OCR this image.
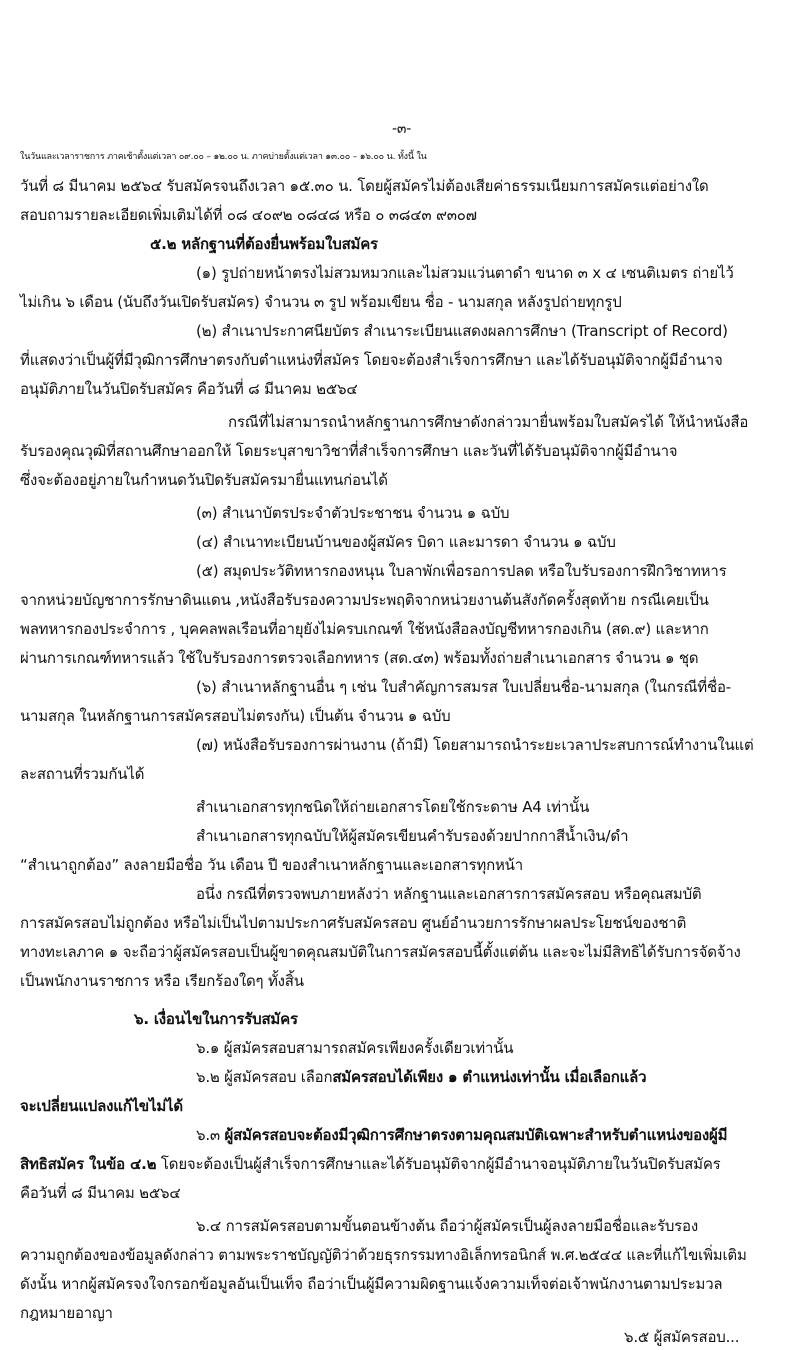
-๓-
ในวันและเวลาราชการ ภาคเช้าตั้งแต่เวลา ๐๙.๐๐ – ๑๒.๐๐ น. ภาคบ่ายตั้งแต่เวลา ๑๓.๐๐ – ๑๖.๐๐ น. ทั้งนี้ ใน
วันที่ ๘ มีนาคม ๒๕๖๔ รับสมัครจนถึงเวลา ๑๕.๓๐ น. โดยผู้สมัครไม่ต้องเสียค่าธรรมเนียมการสมัครแต่อย่างใด
สอบถามรายละเอียดเพิ่มเติมได้ที่ ๐๘ ๔๐๙๒ ๐๘๔๘ หรือ ๐ ๓๘๔๓ ๙๓๐๗
๕.๒ หลักฐานที่ต้องยื่นพร้อมใบสมัคร
(๑) รูปถ่ายหน้าตรงไม่สวมหมวกและไม่สวมแว่นตาดำ ขนาด ๓ x ๔ เซนติเมตร ถ่ายไว้
ไม่เกิน ๖ เดือน (นับถึงวันเปิดรับสมัคร) จำนวน ๓ รูป พร้อมเขียน ชื่อ - นามสกุล หลังรูปถ่ายทุกรูป
(๒) สำเนาประกาศนียบัตร สำเนาระเบียนแสดงผลการศึกษา (Transcript of Record)
ที่แสดงว่าเป็นผู้ที่มีวุฒิการศึกษาตรงกับตำแหน่งที่สมัคร โดยจะต้องสำเร็จการศึกษา และได้รับอนุมัติจากผู้มีอำนาจ
อนุมัติภายในวันปิดรับสมัคร คือวันที่ ๘ มีนาคม ๒๕๖๔
กรณีที่ไม่สามารถนำหลักฐานการศึกษาดังกล่าวมายื่นพร้อมใบสมัครได้ ให้นำหนังสือ
รับรองคุณวุฒิที่สถานศึกษาออกให้ โดยระบุสาขาวิชาที่สำเร็จการศึกษา และวันที่ได้รับอนุมัติจากผู้มีอำนาจ
ซึ่งจะต้องอยู่ภายในกำหนดวันปิดรับสมัครมายื่นแทนก่อนได้
(๓) สำเนาบัตรประจำตัวประชาชน จำนวน ๑ ฉบับ
(๔) สำเนาทะเบียนบ้านของผู้สมัคร บิดา และมารดา จำนวน ๑ ฉบับ
(๕) สมุดประวัติทหารกองหนุน ใบลาพักเพื่อรอการปลด หรือใบรับรองการฝึกวิชาทหาร
จากหน่วยบัญชาการรักษาดินแดน ,หนังสือรับรองความประพฤติจากหน่วยงานต้นสังกัดครั้งสุดท้าย กรณีเคยเป็น
พลทหารกองประจำการ , บุคคลพลเรือนที่อายุยังไม่ครบเกณฑ์ ใช้หนังสือลงบัญชีทหารกองเกิน (สด.๙) และหาก
ผ่านการเกณฑ์ทหารแล้ว ใช้ใบรับรองการตรวจเลือกทหาร (สด.๔๓) พร้อมทั้งถ่ายสำเนาเอกสาร จำนวน ๑ ชุด
(๖) สำเนาหลักฐานอื่น ๆ เช่น ใบสำคัญการสมรส ใบเปลี่ยนชื่อ-นามสกุล (ในกรณีที่ชื่อ-
นามสกุล ในหลักฐานการสมัครสอบไม่ตรงกัน) เป็นต้น จำนวน ๑ ฉบับ
(๗) หนังสือรับรองการผ่านงาน (ถ้ามี) โดยสามารถนำระยะเวลาประสบการณ์ทำงานในแต่
ละสถานที่รวมกันได้
สำเนาเอกสารทุกชนิดให้ถ่ายเอกสารโดยใช้กระดาษ A4 เท่านั้น
สำเนาเอกสารทุกฉบับให้ผู้สมัครเขียนคำรับรองด้วยปากกาสีน้ำเงิน/ดำ
“สำเนาถูกต้อง” ลงลายมือชื่อ วัน เดือน ปี ของสำเนาหลักฐานและเอกสารทุกหน้า
อนึ่ง กรณีที่ตรวจพบภายหลังว่า หลักฐานและเอกสารการสมัครสอบ หรือคุณสมบัติ
การสมัครสอบไม่ถูกต้อง หรือไม่เป็นไปตามประกาศรับสมัครสอบ ศูนย์อำนวยการรักษาผลประโยชน์ของชาติ
ทางทะเลภาค ๑ จะถือว่าผู้สมัครสอบเป็นผู้ขาดคุณสมบัติในการสมัครสอบนี้ตั้งแต่ต้น และจะไม่มีสิทธิได้รับการจัดจ้าง
เป็นพนักงานราชการ หรือ เรียกร้องใดๆ ทั้งสิ้น
๖. เงื่อนไขในการรับสมัคร
๖.๑ ผู้สมัครสอบสามารถสมัครเพียงครั้งเดียวเท่านั้น
๖.๒ ผู้สมัครสอบ เลือกสมัครสอบได้เพียง ๑ ตำแหน่งเท่านั้น เมื่อเลือกแล้ว
จะเปลี่ยนแปลงแก้ไขไม่ได้
๖.๓ ผู้สมัครสอบจะต้องมีวุฒิการศึกษาตรงตามคุณสมบัติเฉพาะสำหรับตำแหน่งของผู้มี
สิทธิสมัคร ในข้อ ๔.๒ โดยจะต้องเป็นผู้สำเร็จการศึกษาและได้รับอนุมัติจากผู้มีอำนาจอนุมัติภายในวันปิดรับสมัคร
คือวันที่ ๘ มีนาคม ๒๕๖๔
๖.๔ การสมัครสอบตามขั้นตอนข้างต้น ถือว่าผู้สมัครเป็นผู้ลงลายมือชื่อและรับรอง
ความถูกต้องของข้อมูลดังกล่าว ตามพระราชบัญญัติว่าด้วยธุรกรรมทางอิเล็กทรอนิกส์ พ.ศ.๒๕๔๔ และที่แก้ไขเพิ่มเติม
ดังนั้น หากผู้สมัครจงใจกรอกข้อมูลอันเป็นเท็จ ถือว่าเป็นผู้มีความผิดฐานแจ้งความเท็จต่อเจ้าพนักงานตามประมวล
กฎหมายอาญา
๖.๕ ผู้สมัครสอบ...
